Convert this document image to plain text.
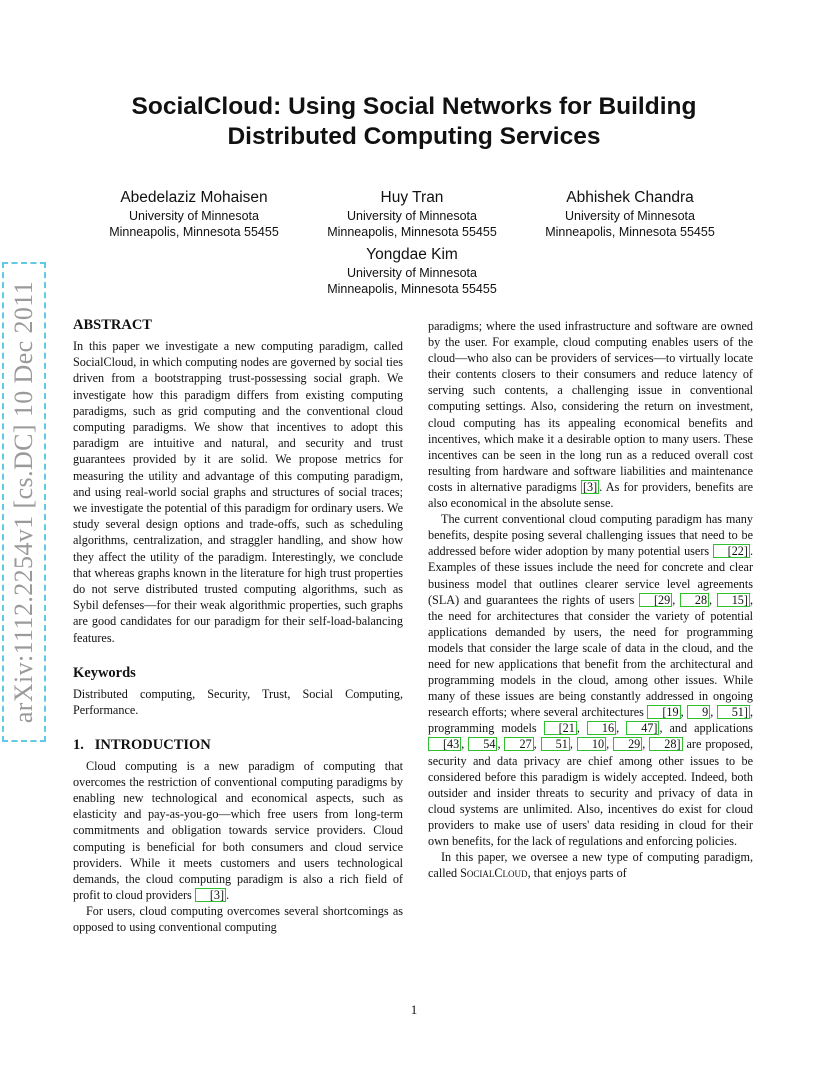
arXiv:1112.2254v1 [cs.DC] 10 Dec 2011
SocialCloud: Using Social Networks for Building
Distributed Computing Services
Abedelaziz Mohaisen
University of Minnesota
Minneapolis, Minnesota 55455
Huy Tran
University of Minnesota
Minneapolis, Minnesota 55455
Abhishek Chandra
University of Minnesota
Minneapolis, Minnesota 55455
Yongdae Kim
University of Minnesota
Minneapolis, Minnesota 55455
ABSTRACT

In this paper we investigate a new computing paradigm, called SocialCloud, in which computing nodes are governed by social ties driven from a bootstrapping trust-possessing social graph. We investigate how this paradigm differs from existing computing paradigms, such as grid computing and the conventional cloud computing paradigms. We show that incentives to adopt this paradigm are intuitive and natural, and security and trust guarantees provided by it are solid. We propose metrics for measuring the utility and advantage of this computing paradigm, and using real-world social graphs and structures of social traces; we investigate the potential of this paradigm for ordinary users. We study several design options and trade-offs, such as scheduling algorithms, centralization, and straggler handling, and show how they affect the utility of the paradigm. Interestingly, we conclude that whereas graphs known in the literature for high trust properties do not serve distributed trusted computing algorithms, such as Sybil defenses—for their weak algorithmic properties, such graphs are good candidates for our paradigm for their self-load-balancing features.

Keywords

Distributed computing, Security, Trust, Social Computing, Performance.

1.   INTRODUCTION

Cloud computing is a new paradigm of computing that overcomes the restriction of conventional computing paradigms by enabling new technological and economical aspects, such as elasticity and pay-as-you-go—which free users from long-term commitments and obligation towards service providers. Cloud computing is beneficial for both consumers and cloud service providers. While it meets customers and users technological demands, the cloud computing paradigm is also a rich field of profit to cloud providers [3] .

For users, cloud computing overcomes several shortcomings as opposed to using conventional computing

paradigms; where the used infrastructure and software are owned by the user. For example, cloud computing enables users of the cloud—who also can be providers of services—to virtually locate their contents closers to their consumers and reduce latency of serving such contents, a challenging issue in conventional computing settings. Also, considering the return on investment, cloud computing has its appealing economical benefits and incentives, which make it a desirable option to many users. These incentives can be seen in the long run as a reduced overall cost resulting from hardware and software liabilities and maintenance costs in alternative paradigms [3] . As for providers, benefits are also economical in the absolute sense.

The current conventional cloud computing paradigm has many benefits, despite posing several challenging issues that need to be addressed before wider adoption by many potential users [22] . Examples of these issues include the need for concrete and clear business model that outlines clearer service level agreements (SLA) and guarantees the rights of users [29 , 28 , 15] , the need for architectures that consider the variety of potential applications demanded by users, the need for programming models that consider the large scale of data in the cloud, and the need for new applications that benefit from the architectural and programming models in the cloud, among other issues. While many of these issues are being constantly addressed in ongoing research efforts; where several architectures [19 , 9 , 51] , programming models [21 , 16 , 47] , and applications [43 , 54 , 27 , 51 , 10 , 29 , 28] are proposed, security and data privacy are chief among other issues to be considered before this paradigm is widely accepted. Indeed, both outsider and insider threats to security and privacy of data in cloud systems are unlimited. Also, incentives do exist for cloud providers to make use of users' data residing in cloud for their own benefits, for the lack of regulations and enforcing policies.

In this paper, we oversee a new type of computing paradigm, called SocialCloud, that enjoys parts of

1
